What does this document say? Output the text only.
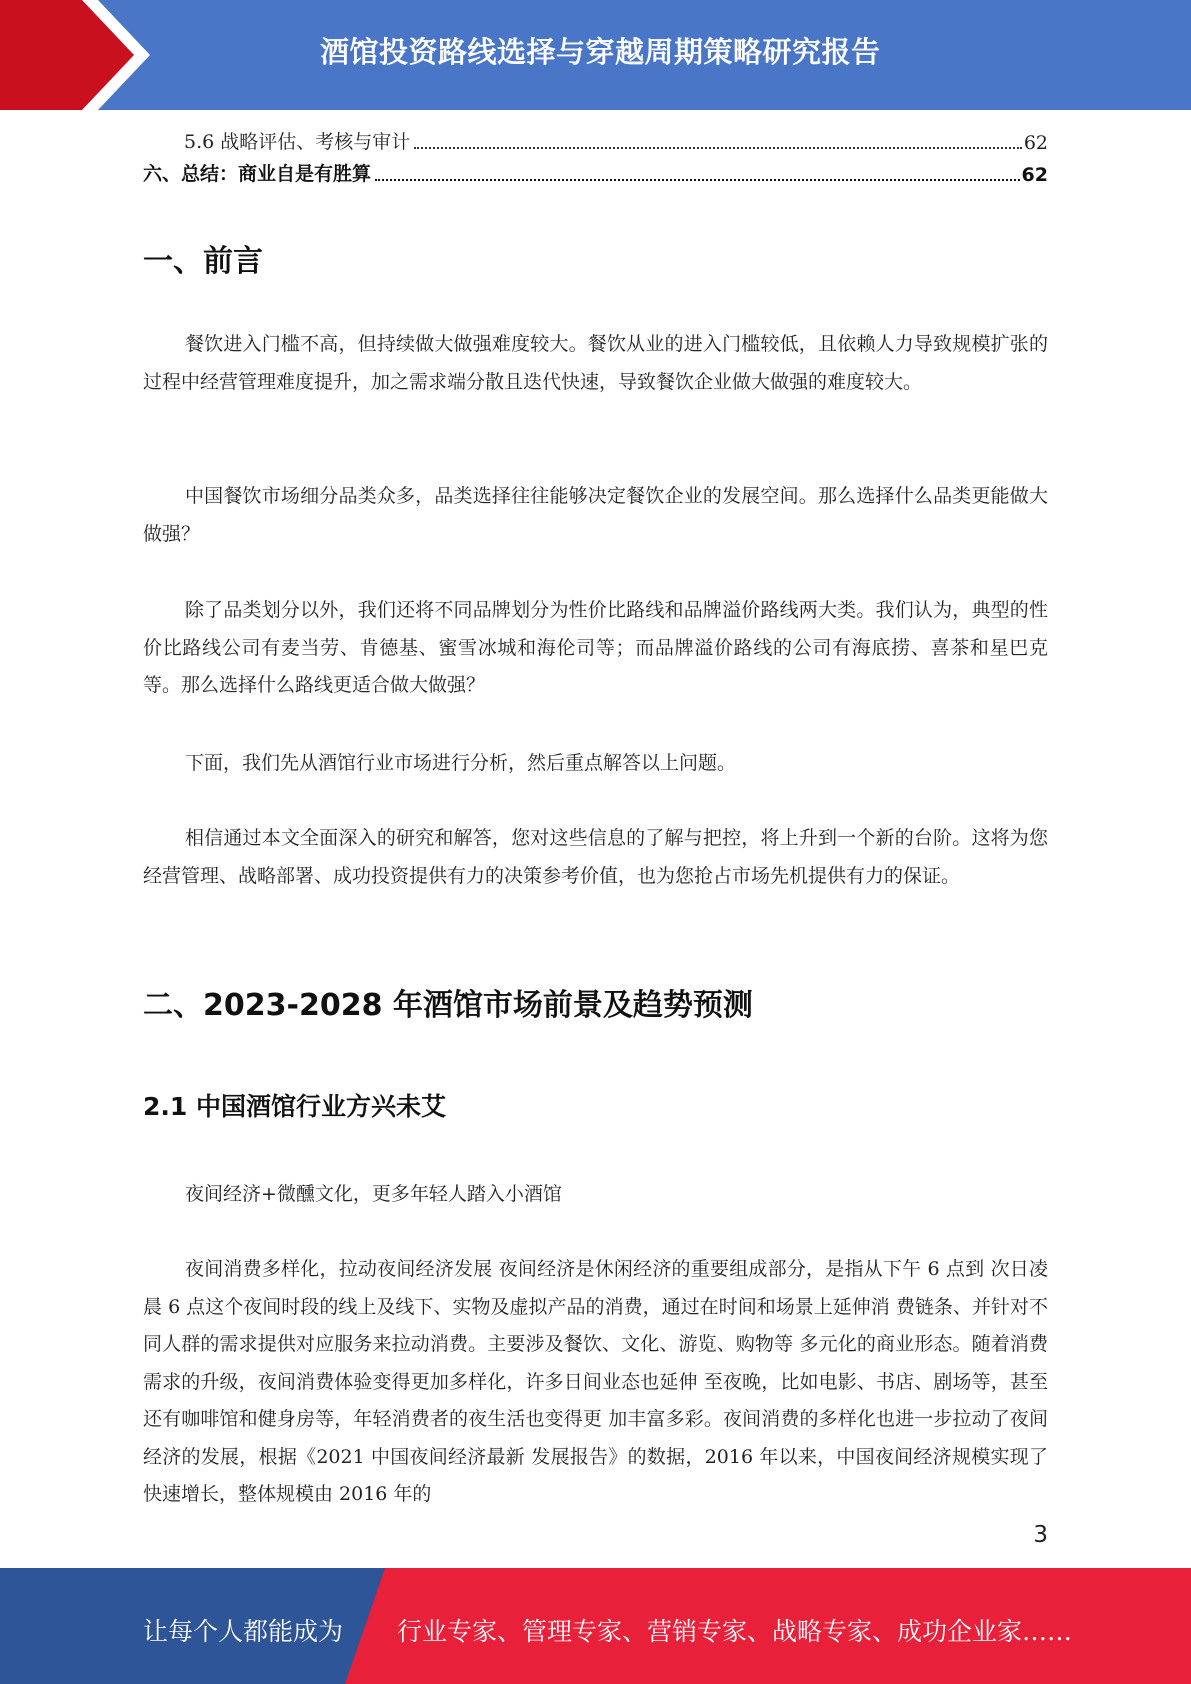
酒馆投资路线选择与穿越周期策略研究报告
5.6 战略评估、考核与审计	62
六、总结：商业自是有胜算	62
一、前言

餐饮进入门槛不高，但持续做大做强难度较大。餐饮从业的进入门槛较低，且依赖人力导致规模扩张的过程中经营管理难度提升，加之需求端分散且迭代快速，导致餐饮企业做大做强的难度较大。

中国餐饮市场细分品类众多，品类选择往往能够决定餐饮企业的发展空间。那么选择什么品类更能做大做强？

除了品类划分以外，我们还将不同品牌划分为性价比路线和品牌溢价路线两大类。我们认为，典型的性价比路线公司有麦当劳、肯德基、蜜雪冰城和海伦司等；而品牌溢价路线的公司有海底捞、喜茶和星巴克等。那么选择什么路线更适合做大做强？

下面，我们先从酒馆行业市场进行分析，然后重点解答以上问题。

相信通过本文全面深入的研究和解答，您对这些信息的了解与把控，将上升到一个新的台阶。这将为您经营管理、战略部署、成功投资提供有力的决策参考价值，也为您抢占市场先机提供有力的保证。

二、2023-2028 年酒馆市场前景及趋势预测
2.1 中国酒馆行业方兴未艾

夜间经济+微醺文化，更多年轻人踏入小酒馆

夜间消费多样化，拉动夜间经济发展 夜间经济是休闲经济的重要组成部分，是指从下午 6 点到 次日凌晨 6 点这个夜间时段的线上及线下、实物及虚拟产品的消费，通过在时间和场景上延伸消 费链条、并针对不同人群的需求提供对应服务来拉动消费。主要涉及餐饮、文化、游览、购物等 多元化的商业形态。随着消费需求的升级，夜间消费体验变得更加多样化，许多日间业态也延伸 至夜晚，比如电影、书店、剧场等，甚至还有咖啡馆和健身房等，年轻消费者的夜生活也变得更 加丰富多彩。夜间消费的多样化也进一步拉动了夜间经济的发展，根据《2021 中国夜间经济最新 发展报告》的数据，2016 年以来，中国夜间经济规模实现了快速增长，整体规模由 2016 年的

3
让每个人都能成为 行业专家、管理专家、营销专家、战略专家、成功企业家……
